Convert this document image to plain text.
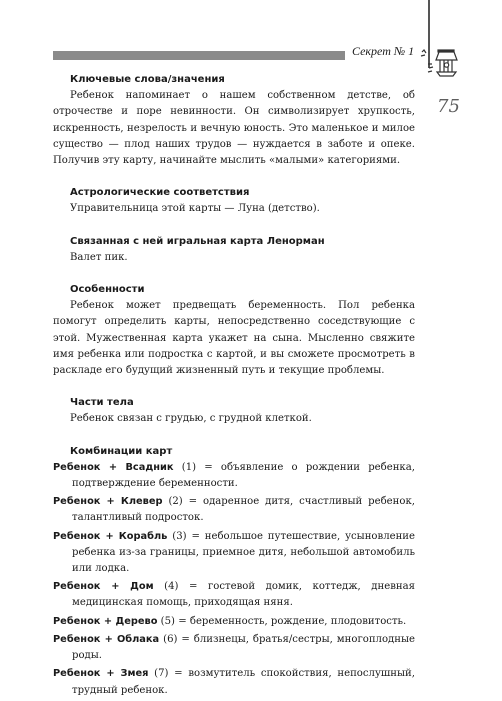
Секрет № 1
75
Ключевые слова/значения

Ребенок напоминает о нашем собственном детстве, об отрочестве и поре невинности. Он символизирует хрупкость, искренность, незрелость и вечную юность. Это маленькое и милое существо — плод наших трудов — нуждается в заботе и опеке. Получив эту карту, начинайте мыслить «малыми» категориями.

Астрологические соответствия

Управительница этой карты — Луна (детство).

Связанная с ней игральная карта Ленорман

Валет пик.

Особенности

Ребенок может предвещать беременность. Пол ребенка помогут определить карты, непосредственно соседствующие с этой. Мужественная карта укажет на сына. Мысленно свяжите имя ребенка или подростка с картой, и вы сможете просмотреть в раскладе его будущий жизненный путь и текущие проблемы.

Части тела

Ребенок связан с грудью, с грудной клеткой.

Комбинации карт

Ребенок + Всадник (1) = объявление о рождении ребенка, подтверждение беременности.

Ребенок + Клевер (2) = одаренное дитя, счастливый ребенок, талантливый подросток.

Ребенок + Корабль (3) = небольшое путешествие, усыновление ребенка из-за границы, приемное дитя, небольшой автомобиль или лодка.

Ребенок + Дом (4) = гостевой домик, коттедж, дневная медицинская помощь, приходящая няня.

Ребенок + Дерево (5) = беременность, рождение, плодовитость.

Ребенок + Облака (6) = близнецы, братья/сестры, многоплодные роды.

Ребенок + Змея (7) = возмутитель спокойствия, непослушный, трудный ребенок.
